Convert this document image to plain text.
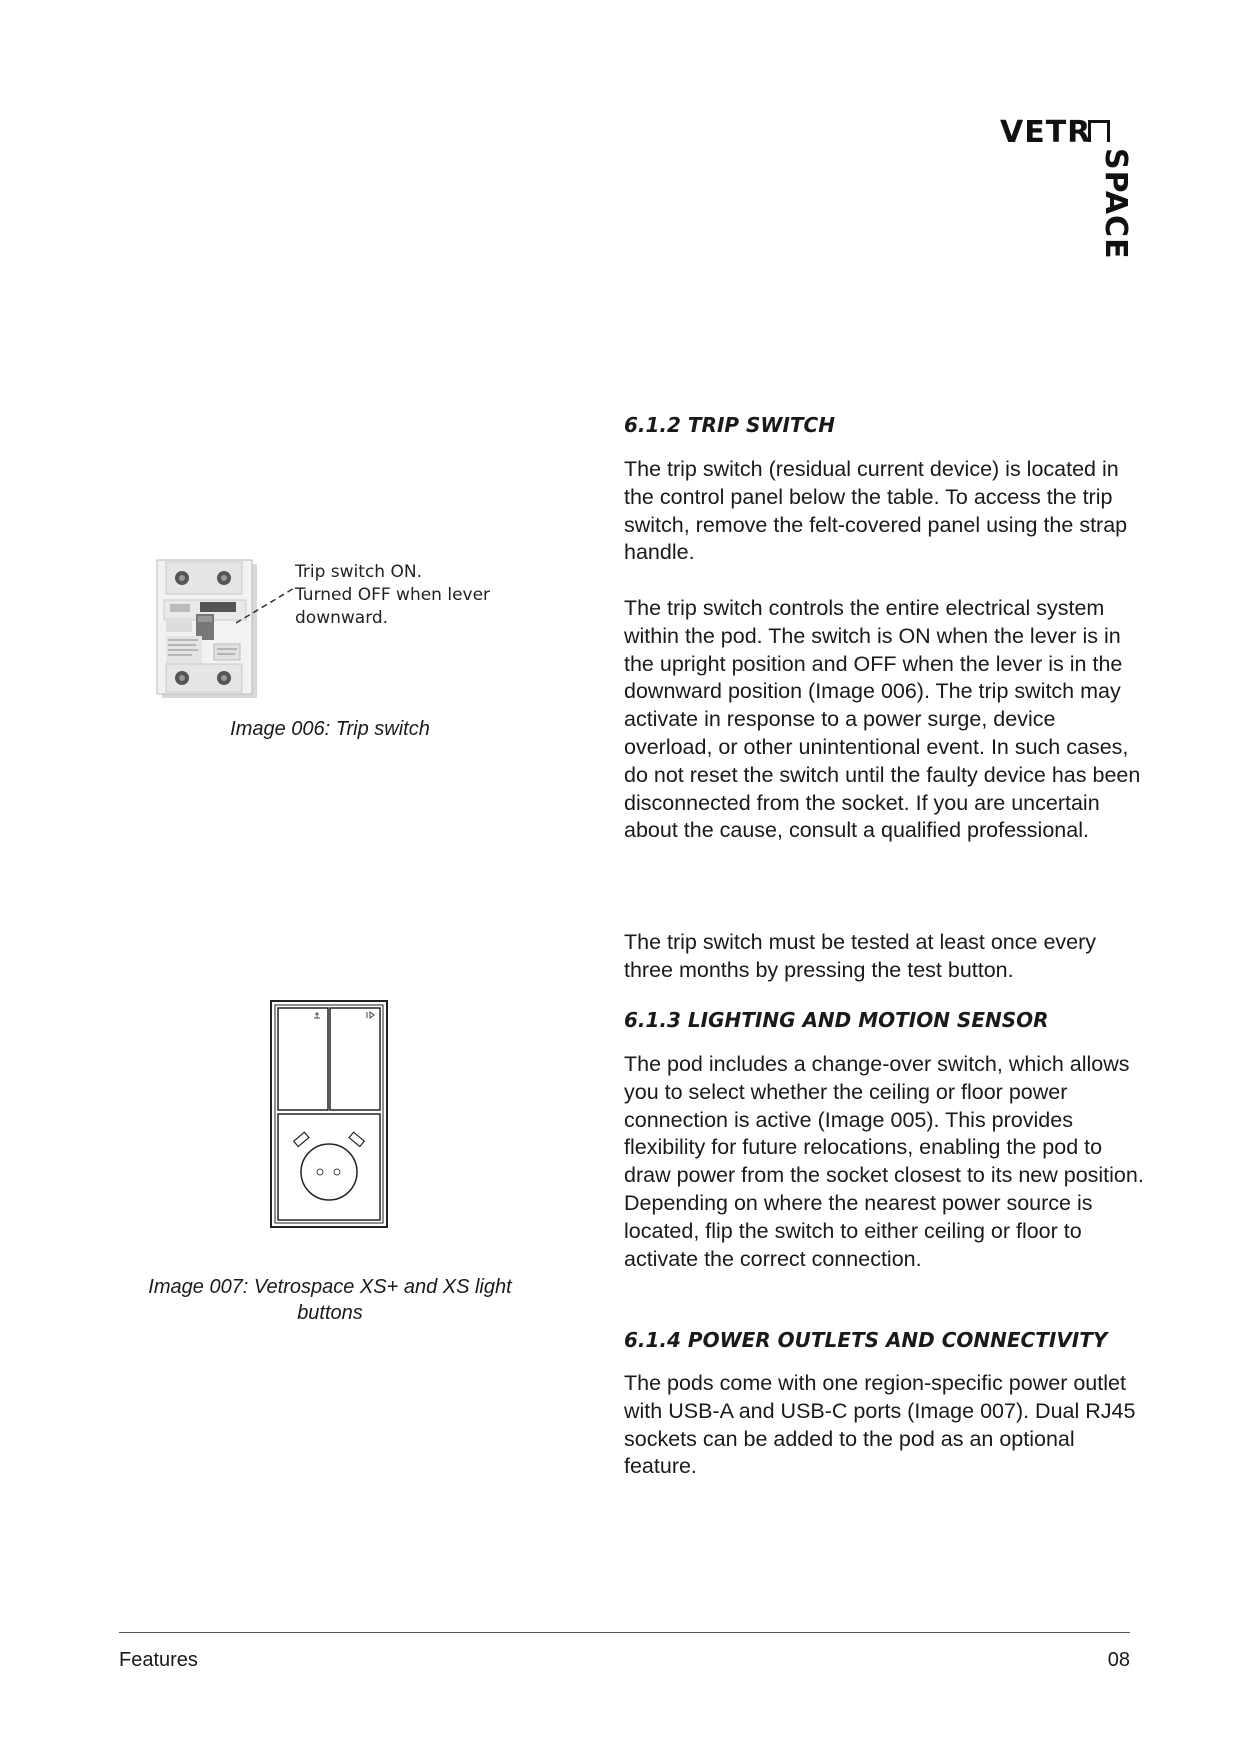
VETR
SPACE
Trip switch ON.
Turned OFF when lever
downward.
Image 006: Trip switch
Image 007: Vetrospace XS+ and XS light
buttons
6.1.2 TRIP SWITCH

The trip switch (residual current device) is located in the control panel below the table. To access the trip switch, remove the felt-covered panel using the strap handle.

The trip switch controls the entire electrical system within the pod. The switch is ON when the lever is in the upright position and OFF when the lever is in the downward position (Image 006). The trip switch may activate in response to a power surge, device overload, or other unintentional event. In such cases, do not reset the switch until the faulty device has been disconnected from the socket. If you are uncertain about the cause, consult a qualified professional.

The trip switch must be tested at least once every three months by pressing the test button.

6.1.3 LIGHTING AND MOTION SENSOR

The pod includes a change-over switch, which allows you to select whether the ceiling or floor power connection is active (Image 005). This provides flexibility for future relocations, enabling the pod to draw power from the socket closest to its new position. Depending on where the nearest power source is located, flip the switch to either ceiling or floor to activate the correct connection.

6.1.4 POWER OUTLETS AND CONNECTIVITY

The pods come with one region-specific power outlet with USB-A and USB-C ports (Image 007). Dual RJ45 sockets can be added to the pod as an optional feature.

Features	08
